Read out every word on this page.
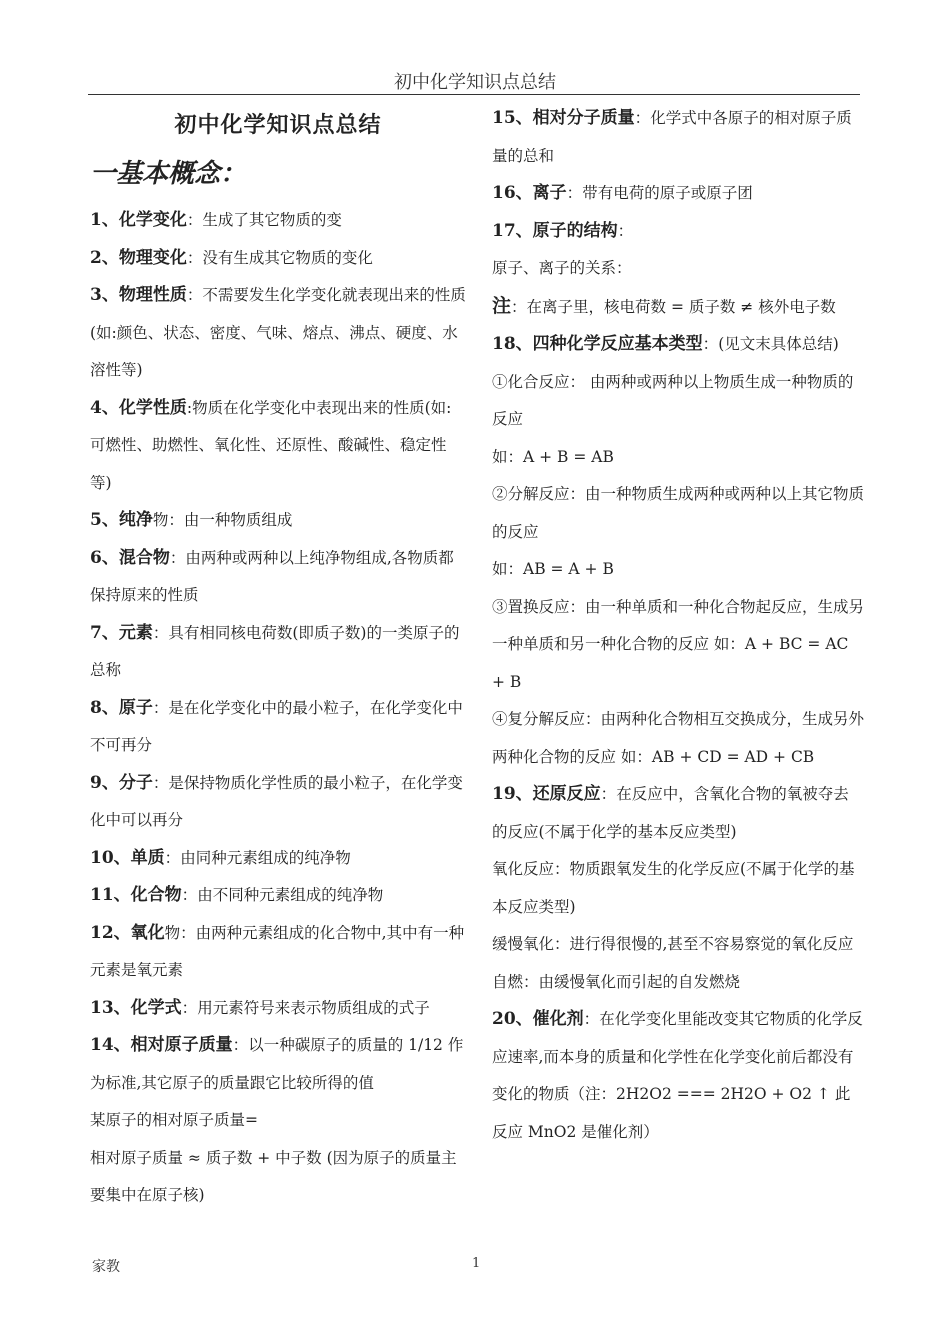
初中化学知识点总结
初中化学知识点总结
一基本概念：

1、化学变化：生成了其它物质的变

2、物理变化：没有生成其它物质的变化

3、物理性质：不需要发生化学变化就表现出来的性质

(如:颜色、状态、密度、气味、熔点、沸点、硬度、水溶性等)

4、化学性质:物质在化学变化中表现出来的性质(如:可燃性、助燃性、氧化性、还原性、酸碱性、稳定性等)

5、纯净物：由一种物质组成

6、混合物：由两种或两种以上纯净物组成,各物质都保持原来的性质

7、元素：具有相同核电荷数(即质子数)的一类原子的总称

8、原子：是在化学变化中的最小粒子，在化学变化中不可再分

9、分子：是保持物质化学性质的最小粒子，在化学变化中可以再分

10、单质：由同种元素组成的纯净物

11、化合物：由不同种元素组成的纯净物

12、氧化物：由两种元素组成的化合物中,其中有一种元素是氧元素

13、化学式：用元素符号来表示物质组成的式子

14、相对原子质量：以一种碳原子的质量的 1/12 作为标准,其它原子的质量跟它比较所得的值

某原子的相对原子质量=

相对原子质量 ≈ 质子数 + 中子数 (因为原子的质量主要集中在原子核)

15、相对分子质量：化学式中各原子的相对原子质量的总和

16、离子：带有电荷的原子或原子团

17、原子的结构：

原子、离子的关系：

注：在离子里，核电荷数 = 质子数 ≠ 核外电子数

18、四种化学反应基本类型：(见文末具体总结)

①化合反应： 由两种或两种以上物质生成一种物质的反应

如：A + B = AB

②分解反应：由一种物质生成两种或两种以上其它物质的反应

如：AB = A + B

③置换反应：由一种单质和一种化合物起反应，生成另一种单质和另一种化合物的反应 如：A + BC = AC + B

④复分解反应：由两种化合物相互交换成分，生成另外两种化合物的反应 如：AB + CD = AD + CB

19、还原反应：在反应中，含氧化合物的氧被夺去的反应(不属于化学的基本反应类型)

氧化反应：物质跟氧发生的化学反应(不属于化学的基本反应类型)

缓慢氧化：进行得很慢的,甚至不容易察觉的氧化反应

自燃：由缓慢氧化而引起的自发燃烧

20、催化剂：在化学变化里能改变其它物质的化学反应速率,而本身的质量和化学性在化学变化前后都没有变化的物质（注：2H2O2 === 2H2O + O2 ↑ 此反应 MnO2 是催化剂）

家教	1
